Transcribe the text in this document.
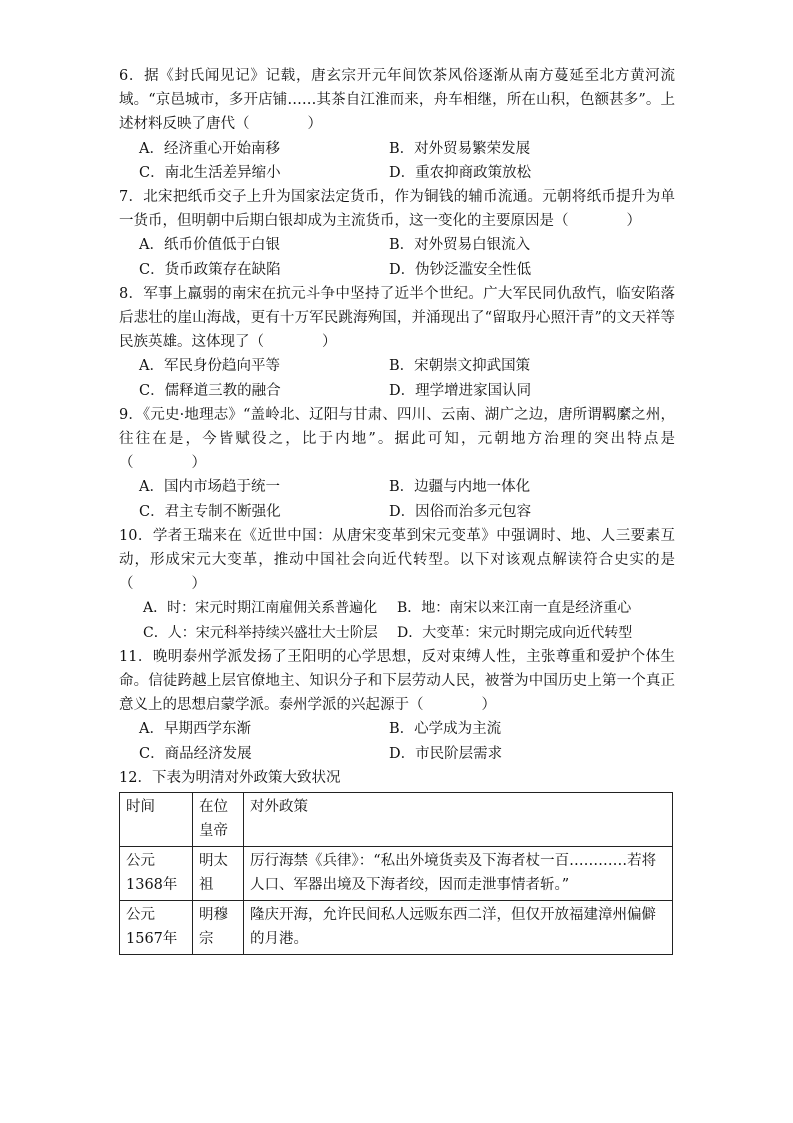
6．据《封氏闻见记》记载，唐玄宗开元年间饮茶风俗逐渐从南方蔓延至北方黄河流域。“京邑城市，多开店铺……其茶自江淮而来，舟车相继，所在山积，色额甚多”。上述材料反映了唐代（　　　　）

A．经济重心开始南移	B．对外贸易繁荣发展
C．南北生活差异缩小	D．重农抑商政策放松

7．北宋把纸币交子上升为国家法定货币，作为铜钱的辅币流通。元朝将纸币提升为单一货币，但明朝中后期白银却成为主流货币，这一变化的主要原因是（　　　　）

A．纸币价值低于白银	B．对外贸易白银流入
C．货币政策存在缺陷	D．伪钞泛滥安全性低

8．军事上羸弱的南宋在抗元斗争中坚持了近半个世纪。广大军民同仇敌忾，临安陷落后悲壮的崖山海战，更有十万军民跳海殉国，并涌现出了“留取丹心照汗青”的文天祥等民族英雄。这体现了（　　　　）

A．军民身份趋向平等	B．宋朝崇文抑武国策
C．儒释道三教的融合	D．理学增进家国认同

9．《元史·地理志》“盖岭北、辽阳与甘肃、四川、云南、湖广之边，唐所谓羁縻之州，往往在是，今皆赋役之，比于内地”。据此可知，元朝地方治理的突出特点是（　　　　）

A．国内市场趋于统一	B．边疆与内地一体化
C．君主专制不断强化	D．因俗而治多元包容

10．学者王瑞来在《近世中国：从唐宋变革到宋元变革》中强调时、地、人三要素互动，形成宋元大变革，推动中国社会向近代转型。以下对该观点解读符合史实的是（　　　　）

A．时：宋元时期江南雇佣关系普遍化	B．地：南宋以来江南一直是经济重心
C．人：宋元科举持续兴盛壮大士阶层	D．大变革：宋元时期完成向近代转型

11．晚明泰州学派发扬了王阳明的心学思想，反对束缚人性，主张尊重和爱护个体生命。信徒跨越上层官僚地主、知识分子和下层劳动人民，被誉为中国历史上第一个真正意义上的思想启蒙学派。泰州学派的兴起源于（　　　　）

A．早期西学东渐	B．心学成为主流
C．商品经济发展	D．市民阶层需求

12．下表为明清对外政策大致状况

时间	在位皇帝	对外政策
公元1368年	明太祖	厉行海禁《兵律》：“私出外境货卖及下海者杖一百…………若将人口、军器出境及下海者绞，因而走泄事情者斩。”
公元1567年	明穆宗	隆庆开海，允许民间私人远贩东西二洋，但仅开放福建漳州偏僻的月港。
